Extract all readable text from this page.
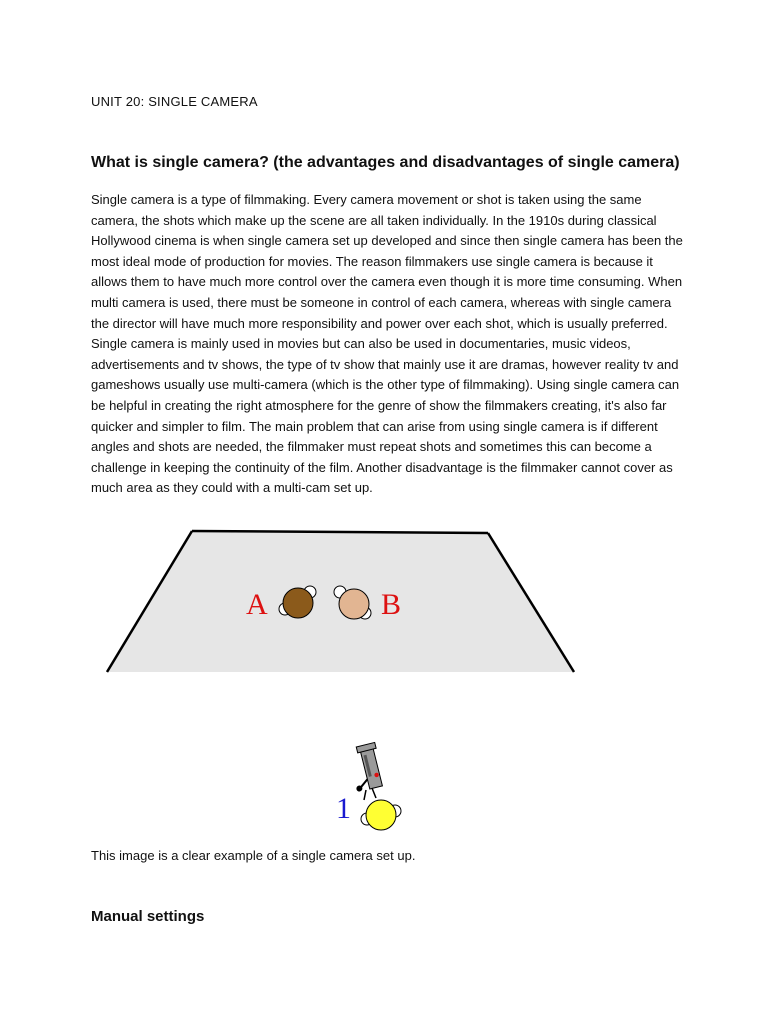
UNIT 20: SINGLE CAMERA
What is single camera? (the advantages and disadvantages of single camera)
Single camera is a type of filmmaking. Every camera movement or shot is taken using the same camera, the shots which make up the scene are all taken individually. In the 1910s during classical Hollywood cinema is when single camera set up developed and since then single camera has been the most ideal mode of production for movies. The reason filmmakers use single camera is because it allows them to have much more control over the camera even though it is more time consuming. When multi camera is used, there must be someone in control of each camera, whereas with single camera the director will have much more responsibility and power over each shot, which is usually preferred. Single camera is mainly used in movies but can also be used in documentaries, music videos, advertisements and tv shows, the type of tv show that mainly use it are dramas, however reality tv and gameshows usually use multi-camera (which is the other type of filmmaking). Using single camera can be helpful in creating the right atmosphere for the genre of show the filmmakers creating, it's also far quicker and simpler to film. The main problem that can arise from using single camera is if different angles and shots are needed, the filmmaker must repeat shots and sometimes this can become a challenge in keeping the continuity of the film. Another disadvantage is the filmmaker cannot cover as much area as they could with a multi-cam set up.
A	B
1
This image is a clear example of a single camera set up.
Manual settings
